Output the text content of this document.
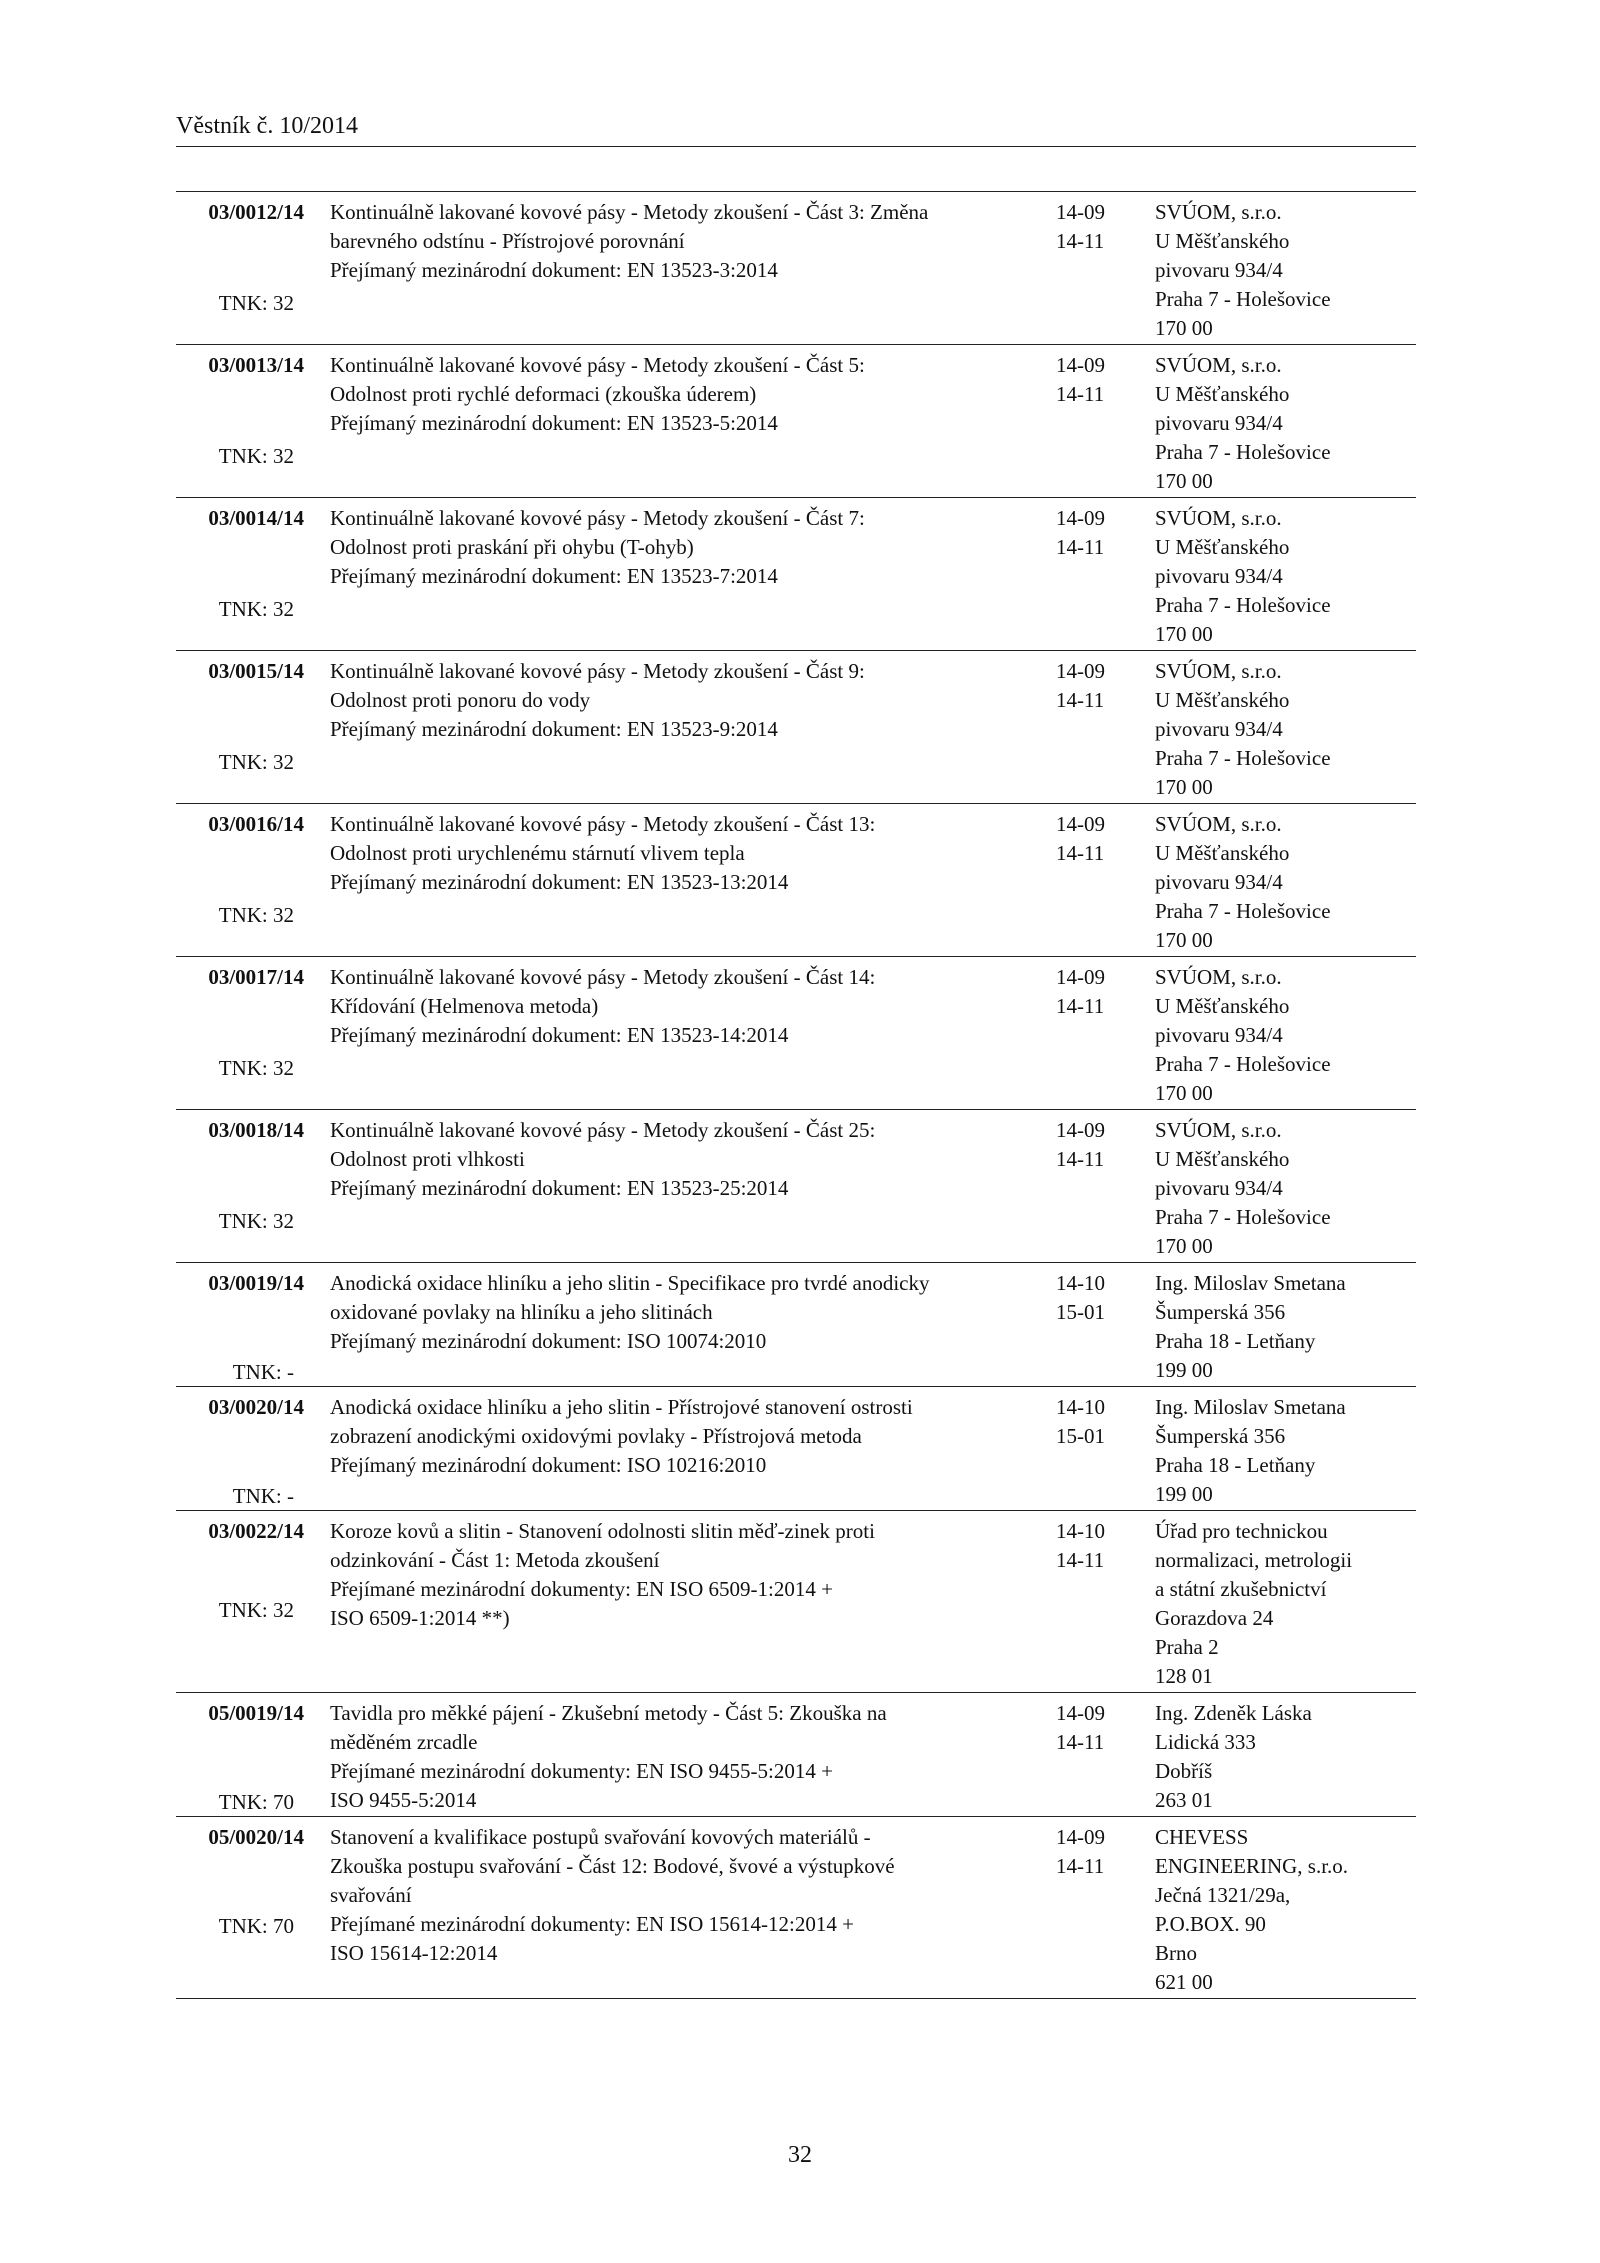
Věstník č. 10/2014
03/0012/14
TNK: 32
Kontinuálně lakované kovové pásy - Metody zkoušení - Část 3: Změna
barevného odstínu - Přístrojové porovnání
Přejímaný mezinárodní dokument: EN 13523-3:2014
14-09
14-11
SVÚOM, s.r.o.
U Měšťanského
pivovaru 934/4
Praha 7 - Holešovice
170 00
03/0013/14
TNK: 32
Kontinuálně lakované kovové pásy - Metody zkoušení - Část 5:
Odolnost proti rychlé deformaci (zkouška úderem)
Přejímaný mezinárodní dokument: EN 13523-5:2014
14-09
14-11
SVÚOM, s.r.o.
U Měšťanského
pivovaru 934/4
Praha 7 - Holešovice
170 00
03/0014/14
TNK: 32
Kontinuálně lakované kovové pásy - Metody zkoušení - Část 7:
Odolnost proti praskání při ohybu (T-ohyb)
Přejímaný mezinárodní dokument: EN 13523-7:2014
14-09
14-11
SVÚOM, s.r.o.
U Měšťanského
pivovaru 934/4
Praha 7 - Holešovice
170 00
03/0015/14
TNK: 32
Kontinuálně lakované kovové pásy - Metody zkoušení - Část 9:
Odolnost proti ponoru do vody
Přejímaný mezinárodní dokument: EN 13523-9:2014
14-09
14-11
SVÚOM, s.r.o.
U Měšťanského
pivovaru 934/4
Praha 7 - Holešovice
170 00
03/0016/14
TNK: 32
Kontinuálně lakované kovové pásy - Metody zkoušení - Část 13:
Odolnost proti urychlenému stárnutí vlivem tepla
Přejímaný mezinárodní dokument: EN 13523-13:2014
14-09
14-11
SVÚOM, s.r.o.
U Měšťanského
pivovaru 934/4
Praha 7 - Holešovice
170 00
03/0017/14
TNK: 32
Kontinuálně lakované kovové pásy - Metody zkoušení - Část 14:
Křídování (Helmenova metoda)
Přejímaný mezinárodní dokument: EN 13523-14:2014
14-09
14-11
SVÚOM, s.r.o.
U Měšťanského
pivovaru 934/4
Praha 7 - Holešovice
170 00
03/0018/14
TNK: 32
Kontinuálně lakované kovové pásy - Metody zkoušení - Část 25:
Odolnost proti vlhkosti
Přejímaný mezinárodní dokument: EN 13523-25:2014
14-09
14-11
SVÚOM, s.r.o.
U Měšťanského
pivovaru 934/4
Praha 7 - Holešovice
170 00
03/0019/14
TNK: -
Anodická oxidace hliníku a jeho slitin - Specifikace pro tvrdé anodicky
oxidované povlaky na hliníku a jeho slitinách
Přejímaný mezinárodní dokument: ISO 10074:2010
14-10
15-01
Ing. Miloslav Smetana
Šumperská 356
Praha 18 - Letňany
199 00
03/0020/14
TNK: -
Anodická oxidace hliníku a jeho slitin - Přístrojové stanovení ostrosti
zobrazení anodickými oxidovými povlaky - Přístrojová metoda
Přejímaný mezinárodní dokument: ISO 10216:2010
14-10
15-01
Ing. Miloslav Smetana
Šumperská 356
Praha 18 - Letňany
199 00
03/0022/14
TNK: 32
Koroze kovů a slitin - Stanovení odolnosti slitin měď-zinek proti
odzinkování - Část 1: Metoda zkoušení
Přejímané mezinárodní dokumenty: EN ISO 6509-1:2014 +
ISO 6509-1:2014 **)
14-10
14-11
Úřad pro technickou
normalizaci, metrologii
a státní zkušebnictví
Gorazdova 24
Praha 2
128 01
05/0019/14
TNK: 70
Tavidla pro měkké pájení - Zkušební metody - Část 5: Zkouška na
měděném zrcadle
Přejímané mezinárodní dokumenty: EN ISO 9455-5:2014 +
ISO 9455-5:2014
14-09
14-11
Ing. Zdeněk Láska
Lidická 333
Dobříš
263 01
05/0020/14
TNK: 70
Stanovení a kvalifikace postupů svařování kovových materiálů -
Zkouška postupu svařování - Část 12: Bodové, švové a výstupkové
svařování
Přejímané mezinárodní dokumenty: EN ISO 15614-12:2014 +
ISO 15614-12:2014
14-09
14-11
CHEVESS
ENGINEERING, s.r.o.
Ječná 1321/29a,
P.O.BOX. 90
Brno
621 00
32
